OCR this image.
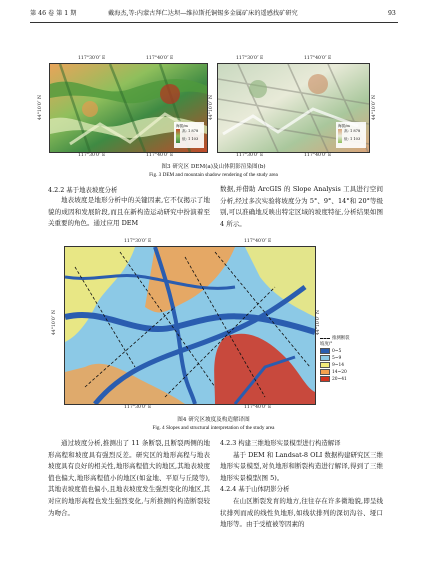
第 46 卷 第 1 期	戴海杰,等:内蒙古拜仁达坝—维拉斯托铜锡多金属矿床的遥感找矿研究	93
117°30′0″ E	117°40′0″ E
44°10′0″ N	44°10′0″ N
海拔/m
高: 1 878
低: 1 103
117°30′0″ E	117°40′0″ E
117°30′0″ E	117°40′0″ E
海拔/m
高: 1 878
低: 1 103
44°10′0″ N
117°30′0″ E	117°40′0″ E
图3 研究区 DEM(a)及山体阴影渲染图(b)
Fig. 3 DEM and mountain shadow rendering of the study area
4.2.2 基于地表坡度分析

地表坡度是地形分析中的关键因素,它不仅揭示了地貌的成因和发展阶段,而且在新构造运动研究中扮演着至关重要的角色。通过应用 DEM

数据,并借助 ArcGIS 的 Slope Analysis 工具进行空间分析,经过多次实验将坡度分为 5°、9°、14°和 20°等级别,可以准确地反映出特定区域的坡度特征,分析结果如图 4 所示。

117°30′0″ E	117°40′0″ E
44°10′0″ N	44°10′0″ N
推测断裂
坡度/°
0~5
5~9
9~14
14~20
20~41
117°30′0″ E	117°40′0″ E
图4 研究区坡度及构造解译图
Fig. 4 Slopes and structural interpretation of the study area

通过坡度分析,推测出了 11 条断裂,且断裂两侧的地形高程和坡度具有强烈反差。研究区的地形高程与地表坡度具有良好的相关性,地形高程值大的地区,其地表坡度值也偏大,地形高程值小的地区(如盆地、平原与丘陵等),其地表坡度值也偏小,且地表坡度发生强烈变化的地区,其对应的地形高程也发生强烈变化,与所推测的构造断裂较为吻合。

4.2.3 构建三维地形实景模型进行构造解译

基于 DEM 和 Landsat-8 OLI 数据构建研究区三维地形实景模型,对负地形和断裂构造进行解译,得到了三维地形实景模型(图 5)。

4.2.4 基于山体阴影分析

在山区断裂发育的地方,往往存在许多微地貌,即呈线状排列而成的线性负地形,如线状排列的深切沟谷、垭口地形等。由于受植被等因素的
